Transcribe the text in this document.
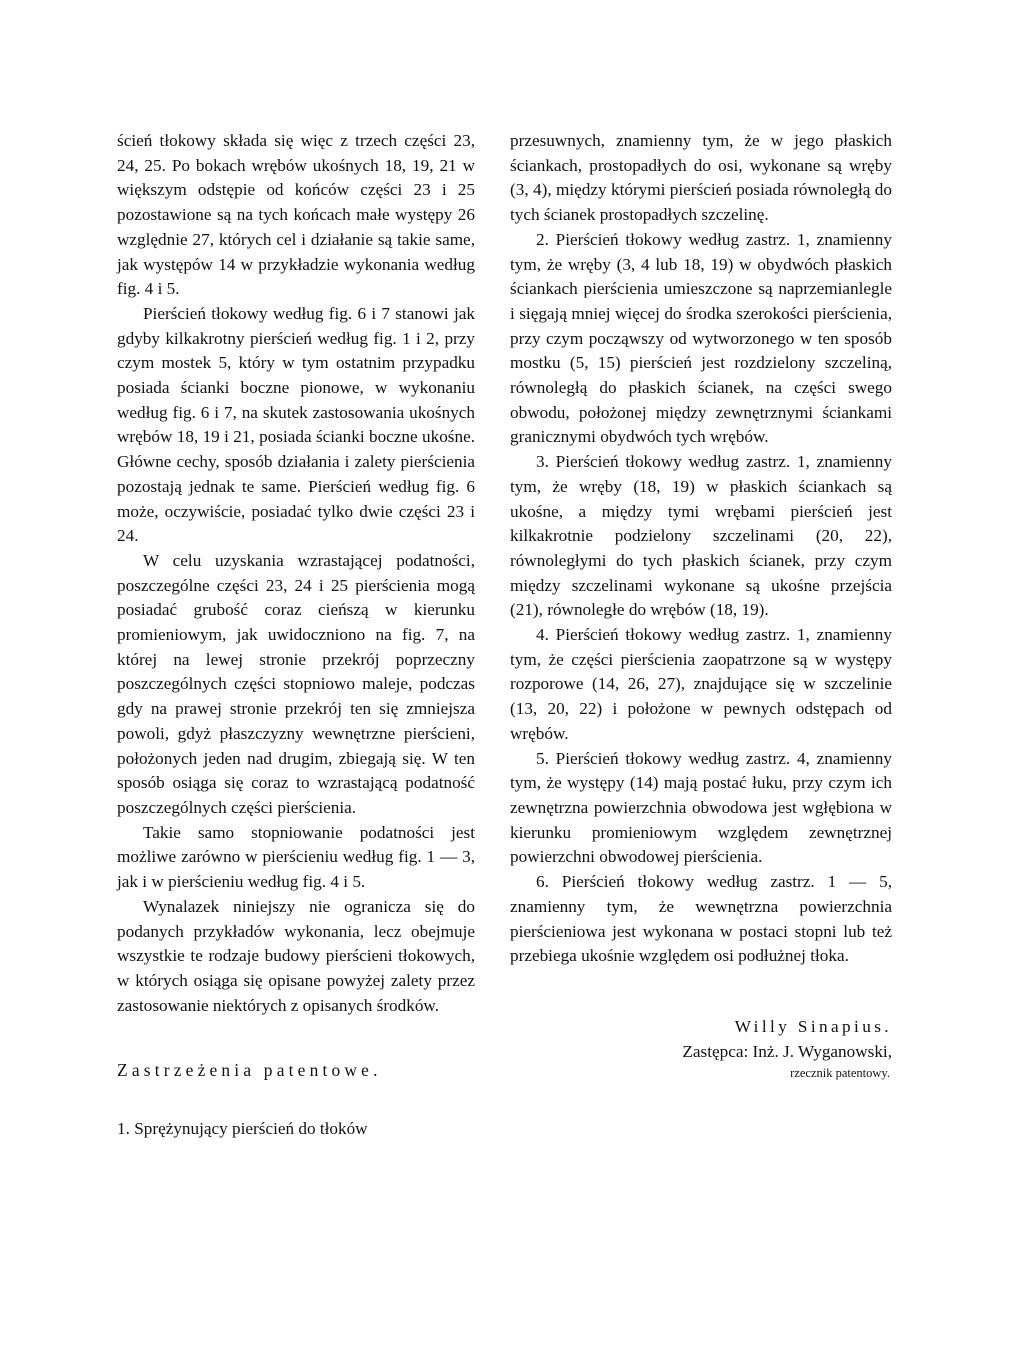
ścień tłokowy składa się więc z trzech części 23, 24, 25. Po bokach wrębów ukośnych 18, 19, 21 w większym odstępie od końców części 23 i 25 pozostawione są na tych końcach małe występy 26 względnie 27, których cel i działanie są takie same, jak występów 14 w przykładzie wykonania według fig. 4 i 5.

Pierścień tłokowy według fig. 6 i 7 stanowi jak gdyby kilkakrotny pierścień według fig. 1 i 2, przy czym mostek 5, który w tym ostatnim przypadku posiada ścianki boczne pionowe, w wykonaniu według fig. 6 i 7, na skutek zastosowania ukośnych wrębów 18, 19 i 21, posiada ścianki boczne ukośne. Główne cechy, sposób działania i zalety pierścienia pozostają jednak te same. Pierścień według fig. 6 może, oczywiście, posiadać tylko dwie części 23 i 24.

W celu uzyskania wzrastającej podatności, poszczególne części 23, 24 i 25 pierścienia mogą posiadać grubość coraz cieńszą w kierunku promieniowym, jak uwidoczniono na fig. 7, na której na lewej stronie przekrój poprzeczny poszczególnych części stopniowo maleje, podczas gdy na prawej stronie przekrój ten się zmniejsza powoli, gdyż płaszczyzny wewnętrzne pierścieni, położonych jeden nad drugim, zbiegają się. W ten sposób osiąga się coraz to wzrastającą podatność poszczególnych części pierścienia.

Takie samo stopniowanie podatności jest możliwe zarówno w pierścieniu według fig. 1 — 3, jak i w pierścieniu według fig. 4 i 5.

Wynalazek niniejszy nie ogranicza się do podanych przykładów wykonania, lecz obejmuje wszystkie te rodzaje budowy pierścieni tłokowych, w których osiąga się opisane powyżej zalety przez zastosowanie niektórych z opisanych środków.

Zastrzeżenia patentowe.

1. Sprężynujący pierścień do tłoków

przesuwnych, znamienny tym, że w jego płaskich ściankach, prostopadłych do osi, wykonane są wręby (3, 4), między którymi pierścień posiada równoległą do tych ścianek prostopadłych szczelinę.

2. Pierścień tłokowy według zastrz. 1, znamienny tym, że wręby (3, 4 lub 18, 19) w obydwóch płaskich ściankach pierścienia umieszczone są naprzemianlegle i sięgają mniej więcej do środka szerokości pierścienia, przy czym począwszy od wytworzonego w ten sposób mostku (5, 15) pierścień jest rozdzielony szczeliną, równoległą do płaskich ścianek, na części swego obwodu, położonej między zewnętrznymi ściankami granicznymi obydwóch tych wrębów.

3. Pierścień tłokowy według zastrz. 1, znamienny tym, że wręby (18, 19) w płaskich ściankach są ukośne, a między tymi wrębami pierścień jest kilkakrotnie podzielony szczelinami (20, 22), równoległymi do tych płaskich ścianek, przy czym między szczelinami wykonane są ukośne przejścia (21), równoległe do wrębów (18, 19).

4. Pierścień tłokowy według zastrz. 1, znamienny tym, że części pierścienia zaopatrzone są w występy rozporowe (14, 26, 27), znajdujące się w szczelinie (13, 20, 22) i położone w pewnych odstępach od wrębów.

5. Pierścień tłokowy według zastrz. 4, znamienny tym, że występy (14) mają postać łuku, przy czym ich zewnętrzna powierzchnia obwodowa jest wgłębiona w kierunku promieniowym względem zewnętrznej powierzchni obwodowej pierścienia.

6. Pierścień tłokowy według zastrz. 1 — 5, znamienny tym, że wewnętrzna powierzchnia pierścieniowa jest wykonana w postaci stopni lub też przebiega ukośnie względem osi podłużnej tłoka.

Willy Sinapius.

Zastępca: Inż. J. Wyganowski,

rzecznik patentowy.
